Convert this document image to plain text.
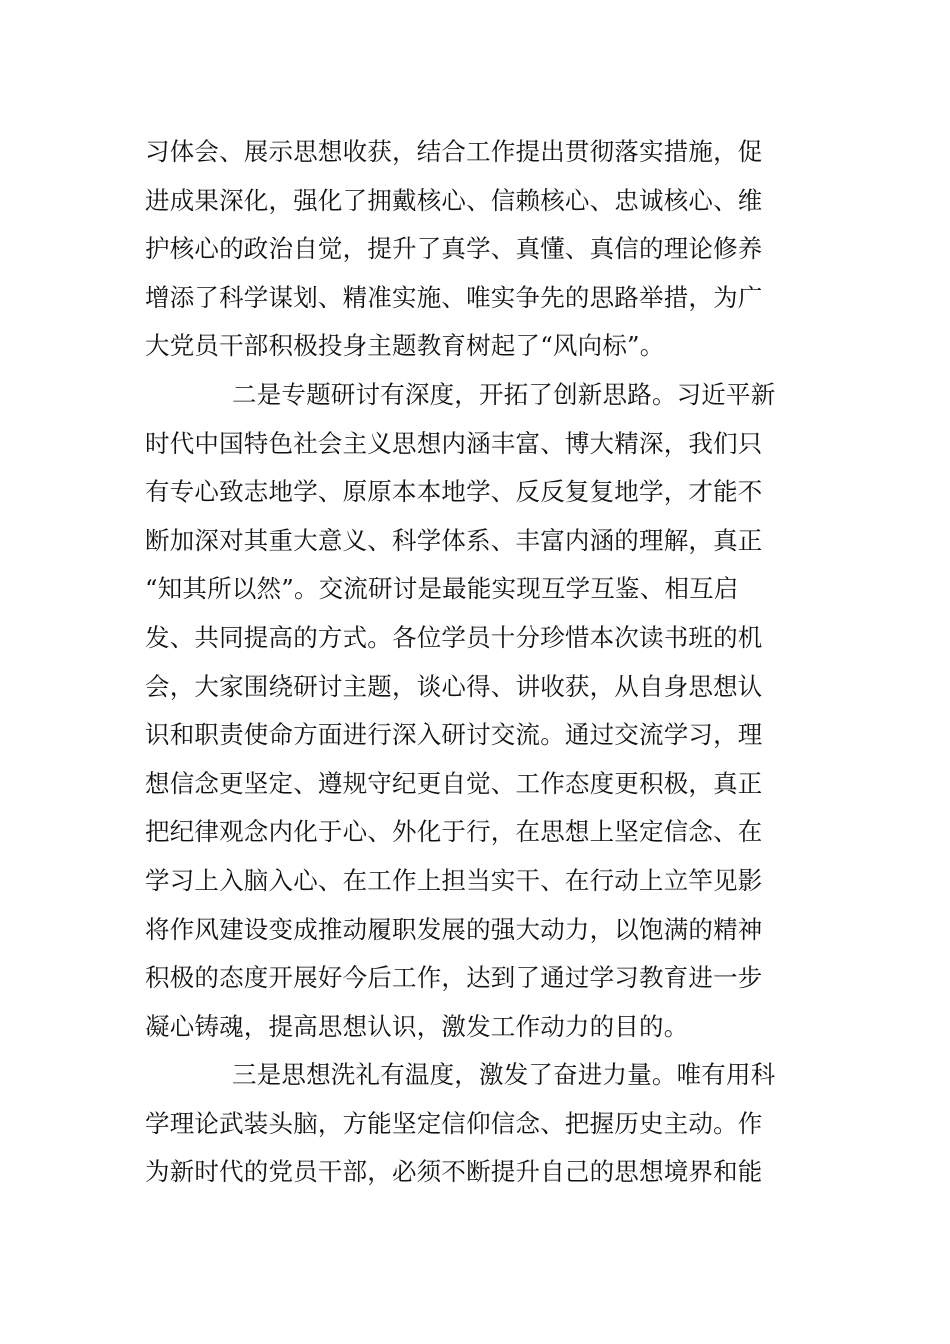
习体会、展示思想收获，结合工作提出贯彻落实措施，促
进成果深化，强化了拥戴核心、信赖核心、忠诚核心、维
护核心的政治自觉，提升了真学、真懂、真信的理论修养
增添了科学谋划、精准实施、唯实争先的思路举措，为广
大党员干部积极投身主题教育树起了“风向标”。
二是专题研讨有深度，开拓了创新思路。习近平新
时代中国特色社会主义思想内涵丰富、博大精深，我们只
有专心致志地学、原原本本地学、反反复复地学，才能不
断加深对其重大意义、科学体系、丰富内涵的理解，真正
“知其所以然”。交流研讨是最能实现互学互鉴、相互启
发、共同提高的方式。各位学员十分珍惜本次读书班的机
会，大家围绕研讨主题，谈心得、讲收获，从自身思想认
识和职责使命方面进行深入研讨交流。通过交流学习，理
想信念更坚定、遵规守纪更自觉、工作态度更积极，真正
把纪律观念内化于心、外化于行，在思想上坚定信念、在
学习上入脑入心、在工作上担当实干、在行动上立竿见影
将作风建设变成推动履职发展的强大动力，以饱满的精神
积极的态度开展好今后工作，达到了通过学习教育进一步
凝心铸魂，提高思想认识，激发工作动力的目的。
三是思想洗礼有温度，激发了奋进力量。唯有用科
学理论武装头脑，方能坚定信仰信念、把握历史主动。作
为新时代的党员干部，必须不断提升自己的思想境界和能
